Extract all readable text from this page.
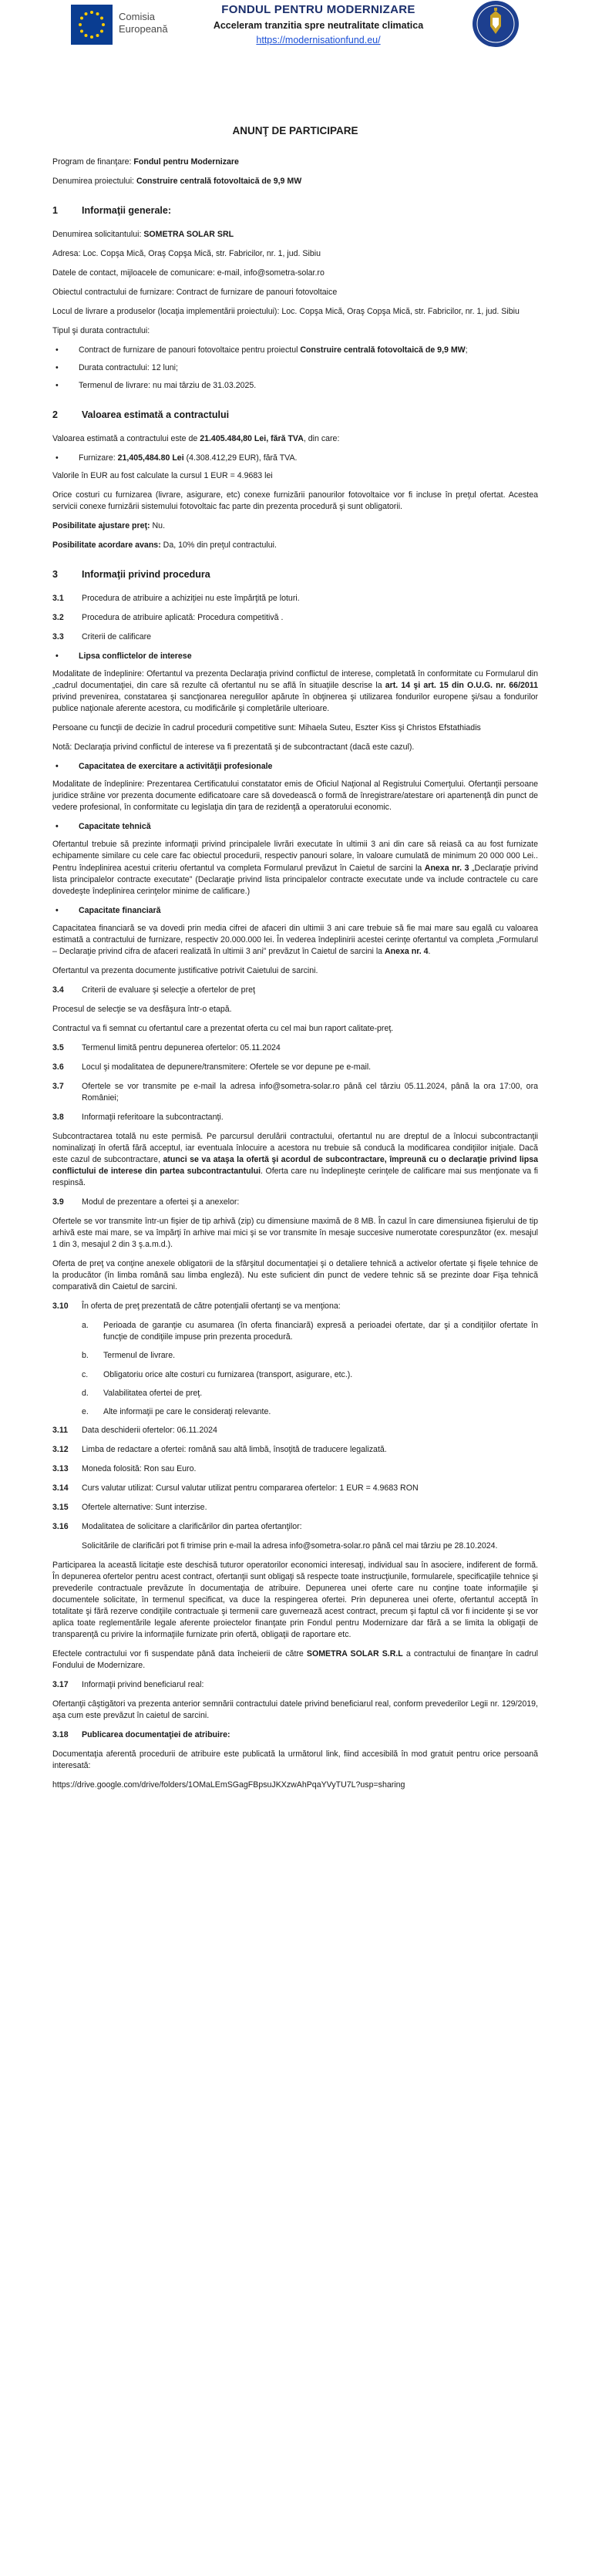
Comisia
Europeană
FONDUL PENTRU MODERNIZARE
Acceleram tranzitia spre neutralitate climatica
https://modernisationfund.eu/
ANUNŢ DE PARTICIPARE

Program de finanţare: Fondul pentru Modernizare

Denumirea proiectului: Construire centrală fotovoltaică de 9,9 MW

1	Informaţii generale:

Denumirea solicitantului: SOMETRA SOLAR SRL

Adresa: Loc. Copşa Mică, Oraş Copşa Mică, str. Fabricilor, nr. 1, jud. Sibiu

Datele de contact, mijloacele de comunicare: e-mail, info@sometra-solar.ro

Obiectul contractului de furnizare: Contract de furnizare de panouri fotovoltaice

Locul de livrare a produselor (locaţia implementării proiectului): Loc. Copşa Mică, Oraş Copşa Mică, str. Fabricilor, nr. 1, jud. Sibiu

Tipul şi durata contractului:

•	Contract de furnizare de panouri fotovoltaice pentru proiectul Construire centrală fotovoltaică de 9,9 MW;
•	Durata contractului: 12 luni;
•	Termenul de livrare: nu mai târziu de 31.03.2025.
2	Valoarea estimată a contractului

Valoarea estimată a contractului este de 21.405.484,80 Lei, fără TVA, din care:

•	Furnizare: 21,405,484.80 Lei (4.308.412,29 EUR), fără TVA.

Valorile în EUR au fost calculate la cursul 1 EUR = 4.9683 lei

Orice costuri cu furnizarea (livrare, asigurare, etc) conexe furnizării panourilor fotovoltaice vor fi incluse în preţul ofertat. Acestea servicii conexe furnizării sistemului fotovoltaic fac parte din prezenta procedură şi sunt obligatorii.

Posibilitate ajustare preţ: Nu.

Posibilitate acordare avans: Da, 10% din preţul contractului.

3	Informaţii privind procedura
3.1	Procedura de atribuire a achiziţiei nu este împărţită pe loturi.
3.2	Procedura de atribuire aplicată: Procedura competitivă .
3.3	Criterii de calificare
•	Lipsa conflictelor de interese

Modalitate de îndeplinire: Ofertantul va prezenta Declaraţia privind conflictul de interese, completată în conformitate cu Formularul din „cadrul documentaţiei, din care să rezulte că ofertantul nu se află în situaţiile descrise la art. 14 şi art. 15 din O.U.G. nr. 66/2011 privind prevenirea, constatarea şi sancţionarea neregulilor apărute în obţinerea şi utilizarea fondurilor europene şi/sau a fondurilor publice naţionale aferente acestora, cu modificările şi completările ulterioare.

Persoane cu funcţii de decizie în cadrul procedurii competitive sunt: Mihaela Suteu, Eszter Kiss şi Christos Efstathiadis

Notă: Declaraţia privind conflictul de interese va fi prezentată şi de subcontractant (dacă este cazul).

•	Capacitatea de exercitare a activităţii profesionale

Modalitate de îndeplinire: Prezentarea Certificatului constatator emis de Oficiul Naţional al Registrului Comerţului. Ofertanţii persoane juridice străine vor prezenta documente edificatoare care să dovedească o formă de înregistrare/atestare ori apartenenţă din punct de vedere profesional, în conformitate cu legislaţia din ţara de rezidenţă a operatorului economic.

•	Capacitate tehnică

Ofertantul trebuie să prezinte informaţii privind principalele livrări executate în ultimii 3 ani din care să reiasă ca au fost furnizate echipamente similare cu cele care fac obiectul procedurii, respectiv panouri solare, în valoare cumulată de minimum 20 000 000 Lei.. Pentru îndeplinirea acestui criteriu ofertantul va completa Formularul prevăzut în Caietul de sarcini la Anexa nr. 3 „Declaraţie privind lista principalelor contracte executate” (Declaraţie privind lista principalelor contracte executate unde va include contractele cu care dovedeşte îndeplinirea cerinţelor minime de calificare.)

•	Capacitate financiară

Capacitatea financiară se va dovedi prin media cifrei de afaceri din ultimii 3 ani care trebuie să fie mai mare sau egală cu valoarea estimată a contractului de furnizare, respectiv 20.000.000 lei. În vederea îndeplinirii acestei cerinţe ofertantul va completa „Formularul – Declaraţie privind cifra de afaceri realizată în ultimii 3 ani” prevăzut în Caietul de sarcini la Anexa nr. 4.

Ofertantul va prezenta documente justificative potrivit Caietului de sarcini.

3.4	Criterii de evaluare şi selecţie a ofertelor de preţ

Procesul de selecţie se va desfăşura într-o etapă.

Contractul va fi semnat cu ofertantul care a prezentat oferta cu cel mai bun raport calitate-preţ.

3.5	Termenul limită pentru depunerea ofertelor: 05.11.2024
3.6	Locul şi modalitatea de depunere/transmitere: Ofertele se vor depune pe e-mail.
3.7	Ofertele se vor transmite pe e-mail la adresa info@sometra-solar.ro până cel târziu 05.11.2024, până la ora 17:00, ora României;
3.8	Informaţii referitoare la subcontractanţi.

Subcontractarea totală nu este permisă. Pe parcursul derulării contractului, ofertantul nu are dreptul de a înlocui subcontractanţii nominalizaţi în ofertă fără acceptul, iar eventuala înlocuire a acestora nu trebuie să conducă la modificarea condiţiilor iniţiale. Dacă este cazul de subcontractare, atunci se va ataşa la ofertă şi acordul de subcontractare, împreună cu o declaraţie privind lipsa conflictului de interese din partea subcontractantului. Oferta care nu îndeplineşte cerinţele de calificare mai sus menţionate va fi respinsă.

3.9	Modul de prezentare a ofertei şi a anexelor:

Ofertele se vor transmite într-un fişier de tip arhivă (zip) cu dimensiune maximă de 8 MB. În cazul în care dimensiunea fişierului de tip arhivă este mai mare, se va împărţi în arhive mai mici şi se vor transmite în mesaje succesive numerotate corespunzător (ex. mesajul 1 din 3, mesajul 2 din 3 ş.a.m.d.).

Oferta de preţ va conţine anexele obligatorii de la sfârşitul documentaţiei şi o detaliere tehnică a activelor ofertate şi fişele tehnice de la producător (în limba română sau limba engleză). Nu este suficient din punct de vedere tehnic să se prezinte doar Fişa tehnică comparativă din Caietul de sarcini.

3.10	În oferta de preţ prezentată de către potenţialii ofertanţi se va menţiona:
a.	Perioada de garanţie cu asumarea (în oferta financiară) expresă a perioadei ofertate, dar şi a condiţiilor ofertate în funcţie de condiţiile impuse prin prezenta procedură.
b.	Termenul de livrare.
c.	Obligatoriu orice alte costuri cu furnizarea (transport, asigurare, etc.).
d.	Valabilitatea ofertei de preţ.
e.	Alte informaţii pe care le consideraţi relevante.
3.11	Data deschiderii ofertelor: 06.11.2024
3.12	Limba de redactare a ofertei: română sau altă limbă, însoţită de traducere legalizată.
3.13	Moneda folosită: Ron sau Euro.
3.14	Curs valutar utilizat: Cursul valutar utilizat pentru compararea ofertelor: 1 EUR = 4.9683 RON
3.15	Ofertele alternative: Sunt interzise.
3.16	Modalitatea de solicitare a clarificărilor din partea ofertanţilor:

Solicitările de clarificări pot fi trimise prin e-mail la adresa info@sometra-solar.ro până cel mai târziu pe 28.10.2024.

Participarea la această licitaţie este deschisă tuturor operatorilor economici interesaţi, individual sau în asociere, indiferent de formă. În depunerea ofertelor pentru acest contract, ofertanţii sunt obligaţi să respecte toate instrucţiunile, formularele, specificaţiile tehnice şi prevederile contractuale prevăzute în documentaţia de atribuire. Depunerea unei oferte care nu conţine toate informaţiile şi documentele solicitate, în termenul specificat, va duce la respingerea ofertei. Prin depunerea unei oferte, ofertantul acceptă în totalitate şi fără rezerve condiţiile contractuale şi termenii care guvernează acest contract, precum şi faptul că vor fi incidente şi se vor aplica toate reglementările legale aferente proiectelor finanţate prin Fondul pentru Modernizare dar fără a se limita la obligaţii de transparenţă cu privire la informaţiile furnizate prin ofertă, obligaţii de raportare etc.

Efectele contractului vor fi suspendate până data încheierii de către SOMETRA SOLAR S.R.L a contractului de finanţare în cadrul Fondului de Modernizare.

3.17	Informaţii privind beneficiarul real:

Ofertanţii câştigători va prezenta anterior semnării contractului datele privind beneficiarul real, conform prevederilor Legii nr. 129/2019, aşa cum este prevăzut în caietul de sarcini.

3.18	Publicarea documentaţiei de atribuire:

Documentaţia aferentă procedurii de atribuire este publicată la următorul link, fiind accesibilă în mod gratuit pentru orice persoană interesată:

https://drive.google.com/drive/folders/1OMaLEmSGagFBpsuJKXzwAhPqaYVyTU7L?usp=sharing
